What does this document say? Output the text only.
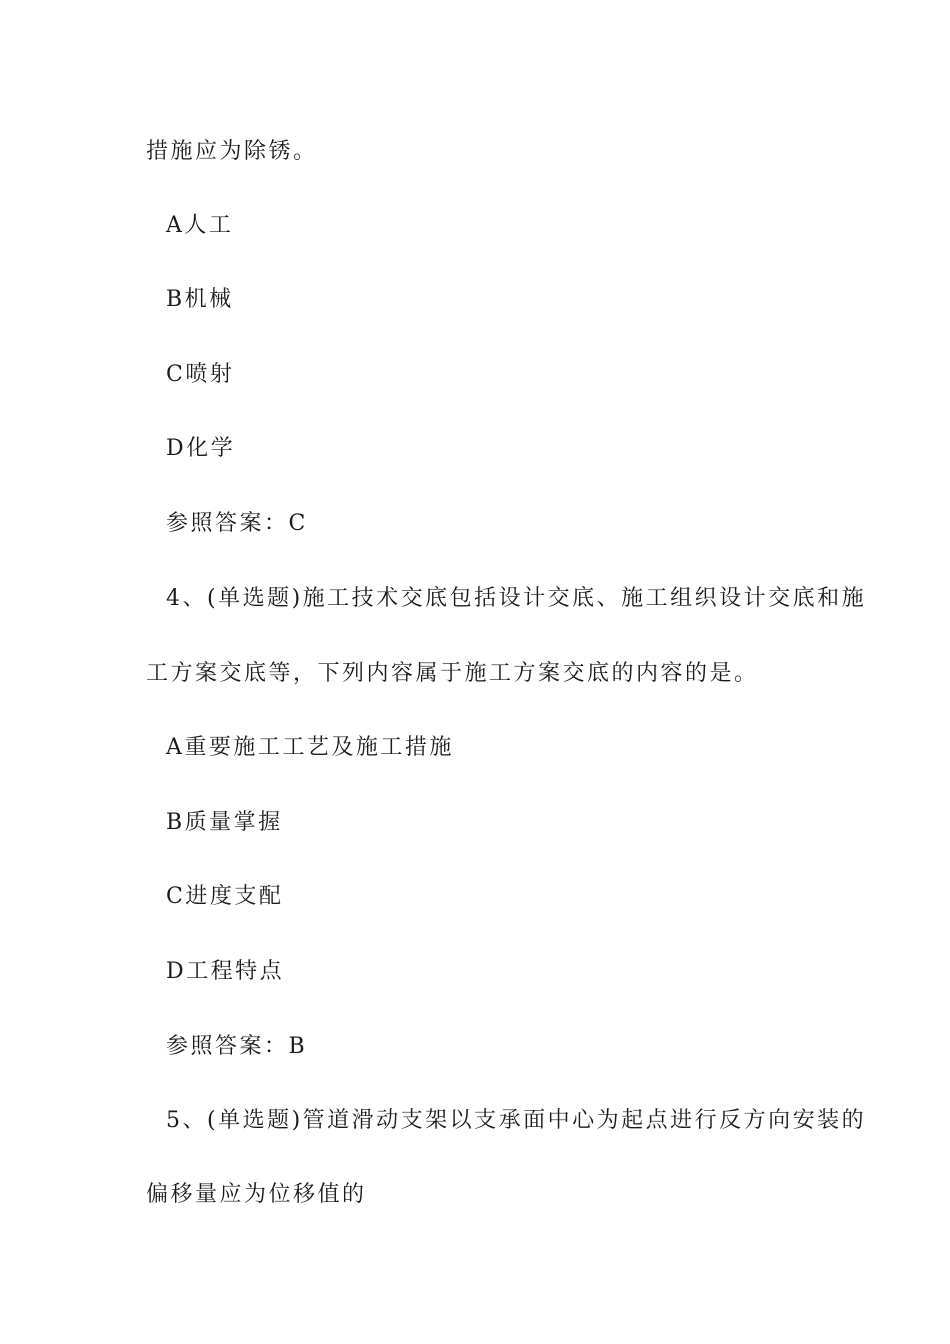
措施应为除锈。
A人工
B机械
C喷射
D化学
参照答案：C
4、(单选题)施工技术交底包括设计交底、施工组织设计交底和施
工方案交底等，下列内容属于施工方案交底的内容的是。
A重要施工工艺及施工措施
B质量掌握
C进度支配
D工程特点
参照答案：B
5、(单选题)管道滑动支架以支承面中心为起点进行反方向安装的
偏移量应为位移值的
